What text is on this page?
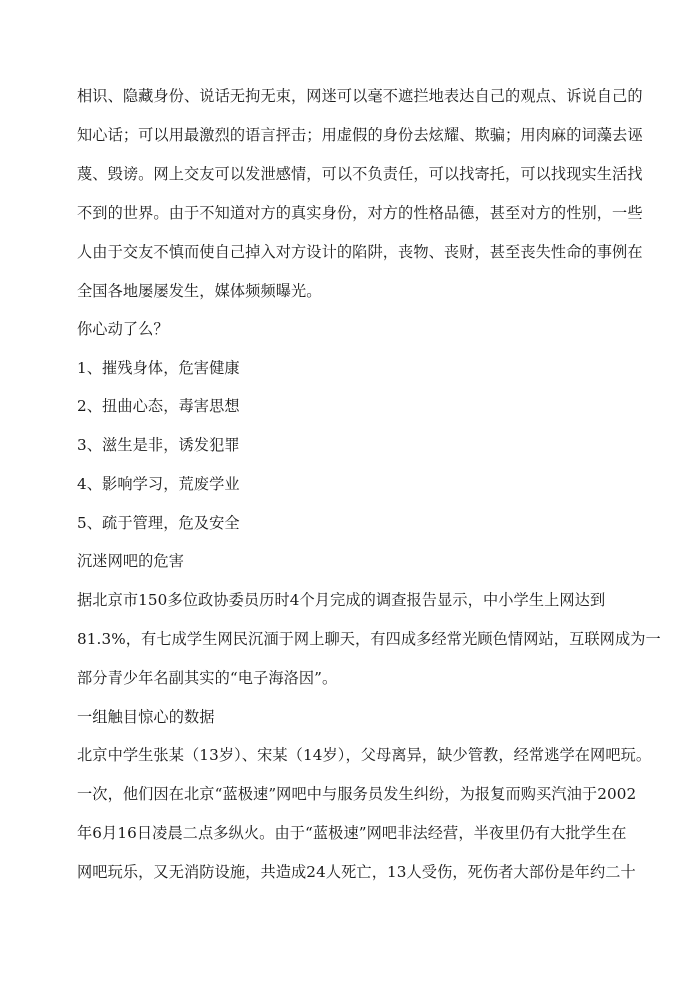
相识、隐藏身份、说话无拘无束，网迷可以毫不遮拦地表达自己的观点、诉说自己的
知心话；可以用最激烈的语言抨击；用虚假的身份去炫耀、欺骗；用肉麻的词藻去诬
蔑、毁谤。网上交友可以发泄感情，可以不负责任，可以找寄托，可以找现实生活找
不到的世界。由于不知道对方的真实身份，对方的性格品德，甚至对方的性别，一些
人由于交友不慎而使自己掉入对方设计的陷阱，丧物、丧财，甚至丧失性命的事例在
全国各地屡屡发生，媒体频频曝光。
你心动了么？
1、摧残身体，危害健康
2、扭曲心态，毒害思想
3、滋生是非，诱发犯罪
4、影响学习，荒废学业
5、疏于管理，危及安全
沉迷网吧的危害
据北京市150多位政协委员历时4个月完成的调查报告显示，中小学生上网达到
81.3%，有七成学生网民沉湎于网上聊天，有四成多经常光顾色情网站，互联网成为一
部分青少年名副其实的“电子海洛因”。
一组触目惊心的数据
北京中学生张某（13岁）、宋某（14岁），父母离异，缺少管教，经常逃学在网吧玩。
一次，他们因在北京“蓝极速”网吧中与服务员发生纠纷，为报复而购买汽油于2002
年6月16日凌晨二点多纵火。由于“蓝极速”网吧非法经营，半夜里仍有大批学生在
网吧玩乐，又无消防设施，共造成24人死亡，13人受伤，死伤者大部份是年约二十
